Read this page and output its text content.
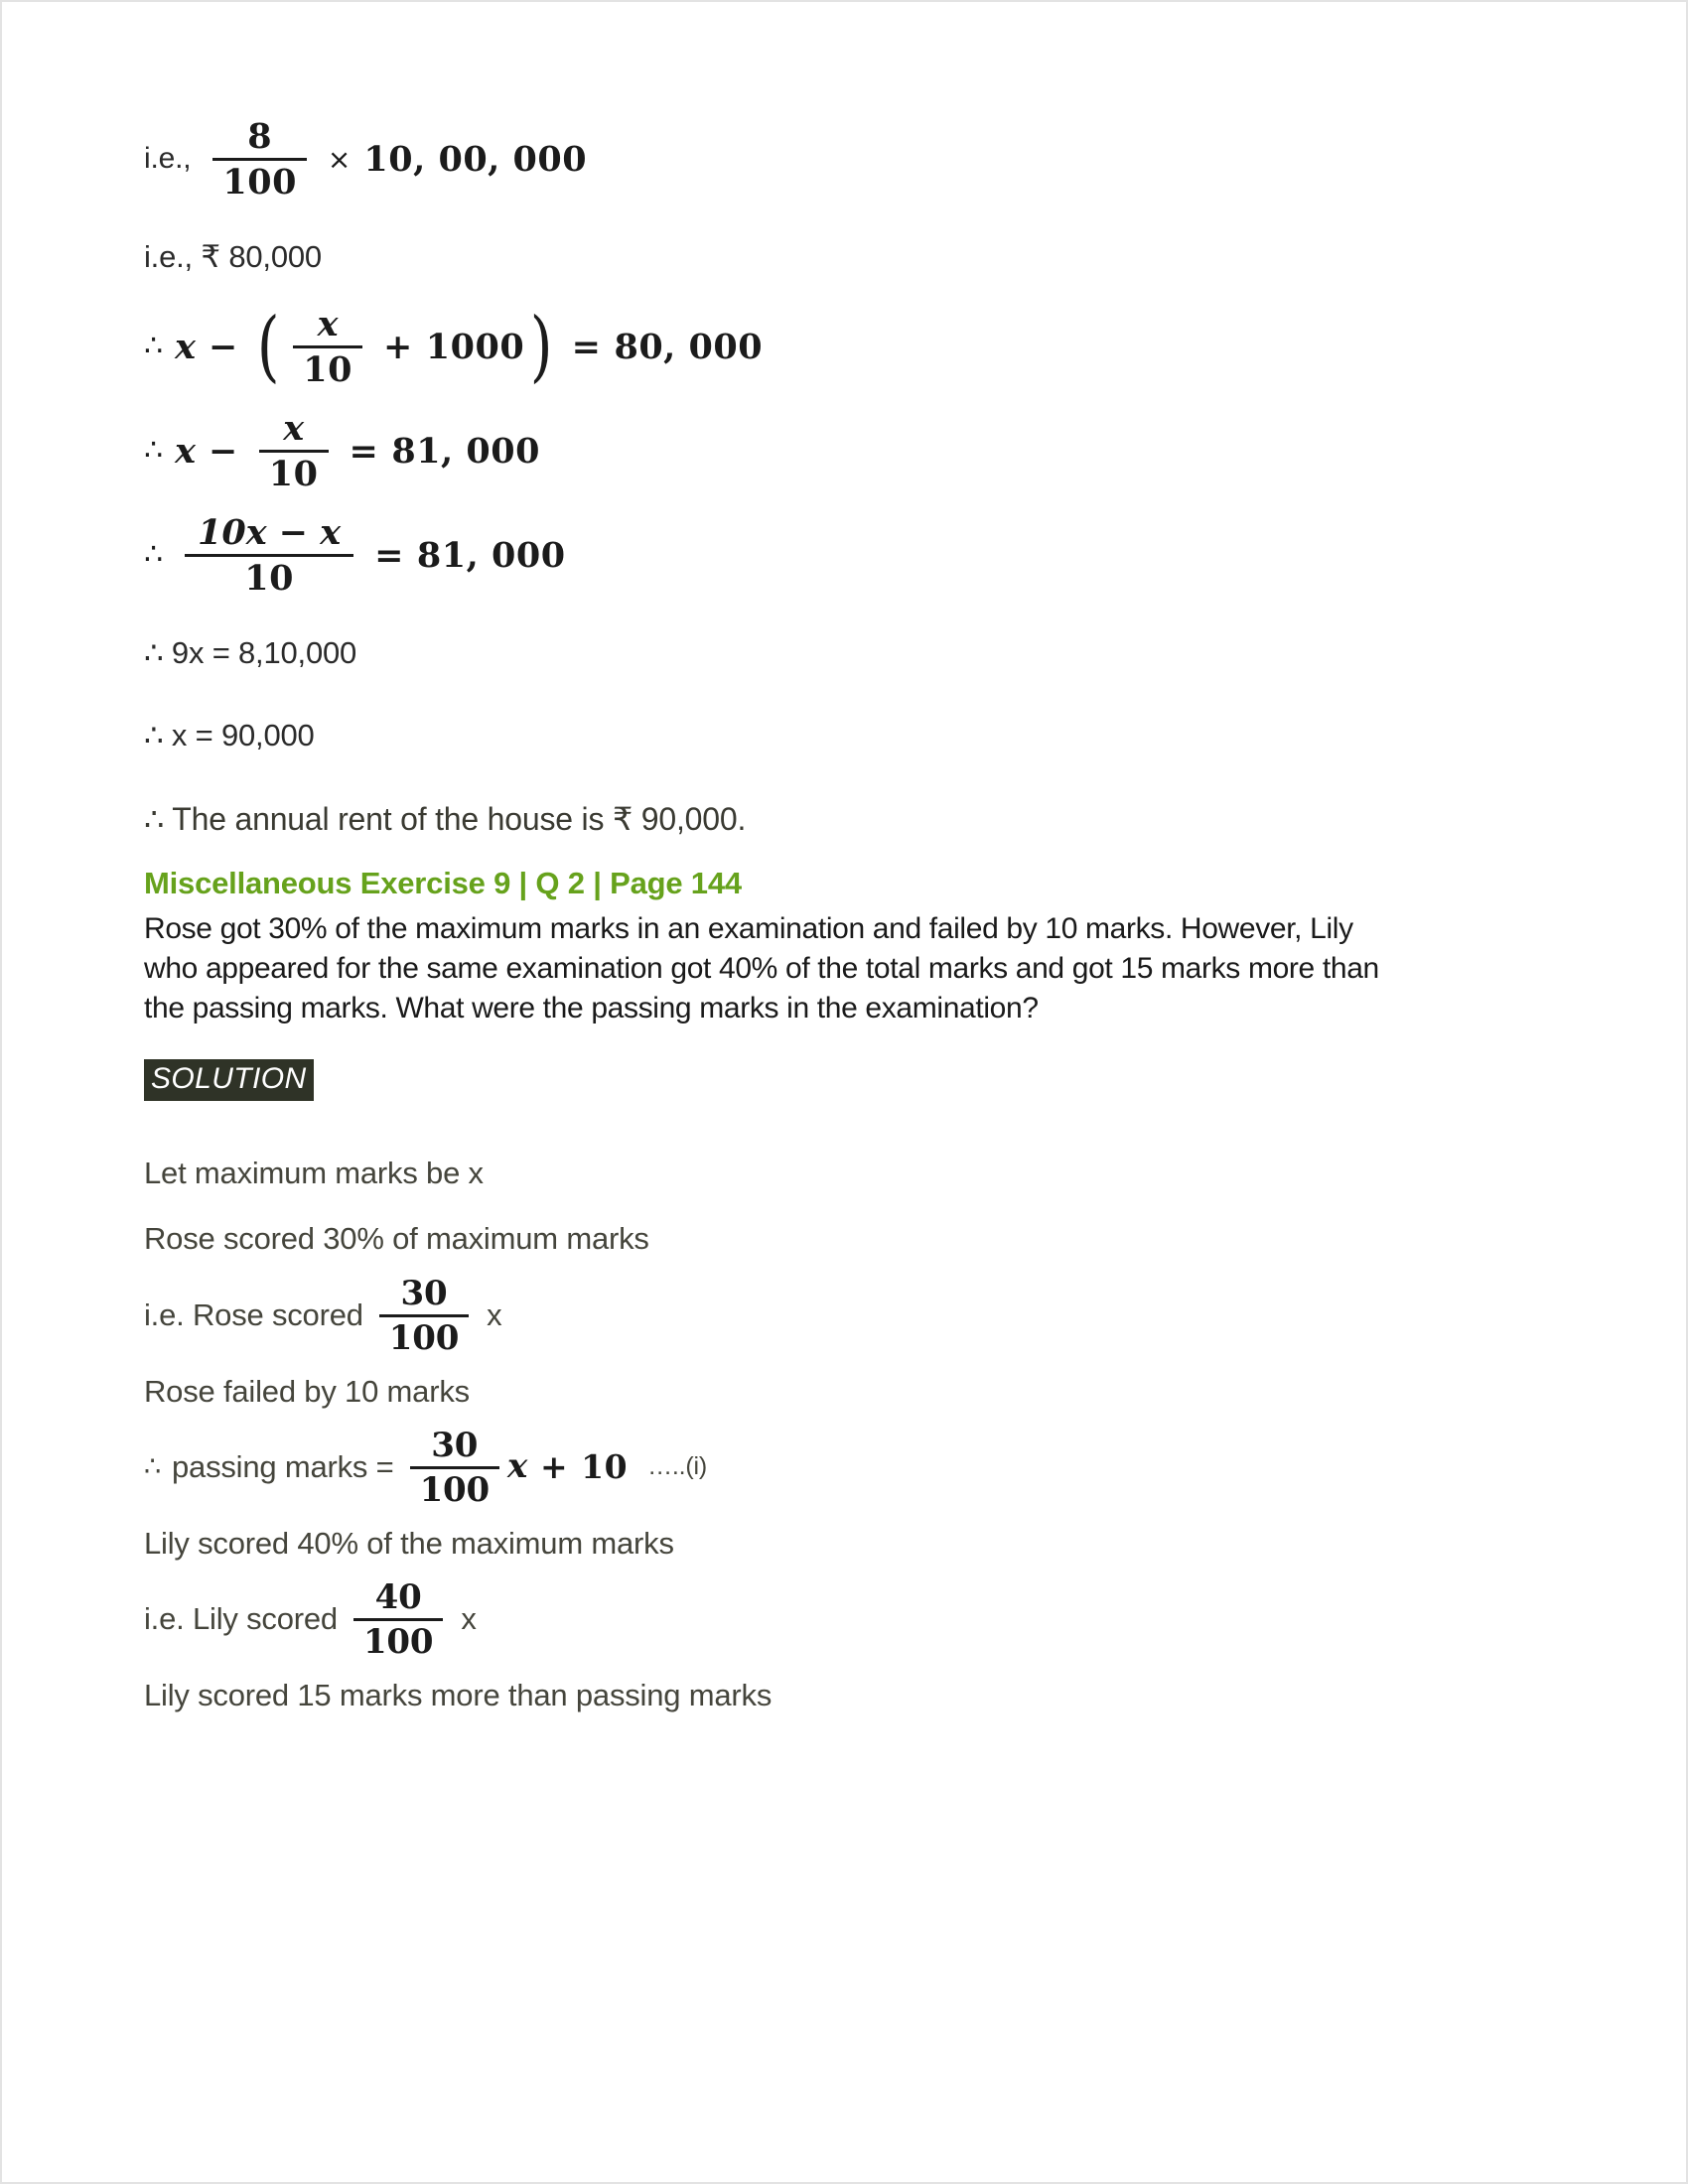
i.e., $\frac{8}{100} \times 10$, 00, 000
i.e., ₹ 80,000
∴ x − ( $\frac{x}{10} + 1000$ ) = 80, 000
∴ $x - \frac{x}{10} = 81$, 000
∴ $\frac{10x - x}{10} = 81$, 000
∴ 9x = 8,10,000
∴ x = 90,000
∴ The annual rent of the house is ₹ 90,000.
Miscellaneous Exercise 9 | Q 2 | Page 144
Rose got 30% of the maximum marks in an examination and failed by 10 marks. However, Lily who appeared for the same examination got 40% of the total marks and got 15 marks more than the passing marks. What were the passing marks in the examination?
SOLUTION
Let maximum marks be x
Rose scored 30% of maximum marks
i.e. Rose scored $\frac{30}{100}$ x
Rose failed by 10 marks
∴ passing marks = $\frac{30}{100}$ x + 10 …..(i)
Lily scored 40% of the maximum marks
i.e. Lily scored $\frac{40}{100}$ x
Lily scored 15 marks more than passing marks
